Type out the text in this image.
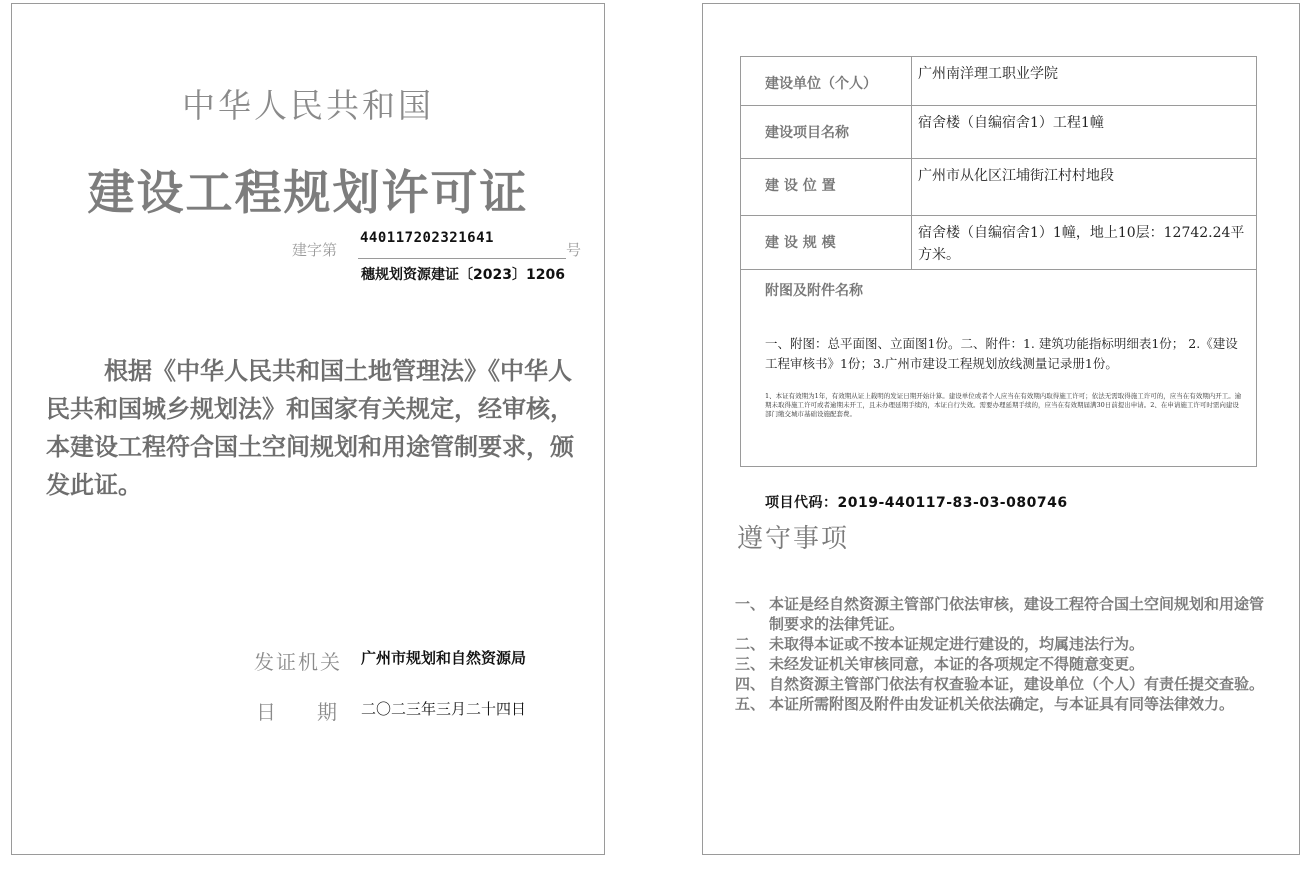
中华人民共和国
建设工程规划许可证
建字第
440117202321641
号
穗规划资源建证〔2023〕1206
根据《中华人民共和国土地管理法》《中华人民共和国城乡规划法》和国家有关规定，经审核，本建设工程符合国土空间规划和用途管制要求，颁发此证。
发证机关 广州市规划和自然资源局
日 期 二〇二三年三月二十四日
建设单位（个人）	广州南洋理工职业学院
建设项目名称	宿舍楼（自编宿舍1）工程1幢
建 设 位 置	广州市从化区江埔街江村村地段
建 设 规 模	宿舍楼（自编宿舍1）1幢，地上10层：12742.24平方米。

附图及附件名称
一、附图：总平面图、立面图1份。二、附件：1. 建筑功能指标明细表1份； 2.《建设工程审核书》1份；3.广州市建设工程规划放线测量记录册1份。
1、本证有效期为1年，有效期从证上载明的发证日期开始计算。建设单位或者个人应当在有效期内取得施工许可；依法无需取得施工许可的，应当在有效期内开工。逾期未取得施工许可或者逾期未开工，且未办理延期手续的，本证自行失效。需要办理延期手续的，应当在有效期届满30日前提出申请。2、在申请施工许可时需向建设部门缴交城市基础设施配套费。	
项目代码：2019-440117-83-03-080746
遵守事项
一、 本证是经自然资源主管部门依法审核，建设工程符合国土空间规划和用途管制要求的法律凭证。
二、 未取得本证或不按本证规定进行建设的，均属违法行为。
三、 未经发证机关审核同意，本证的各项规定不得随意变更。
四、 自然资源主管部门依法有权查验本证，建设单位（个人）有责任提交查验。
五、 本证所需附图及附件由发证机关依法确定，与本证具有同等法律效力。
